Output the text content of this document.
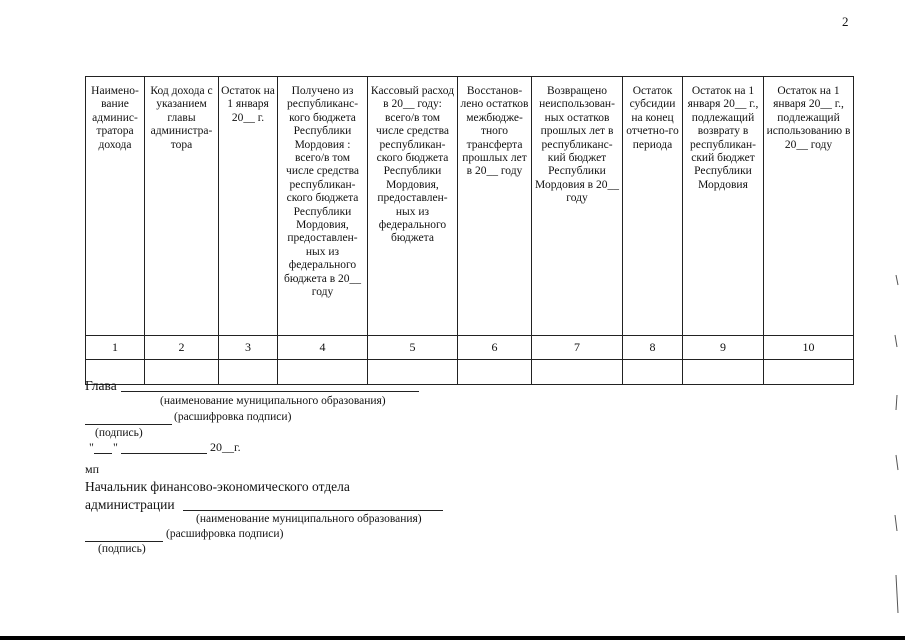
2
Наимено-вание админис-тратора дохода	Код дохода с указанием главы администра-тора	Остаток на 1 января 20__ г.	Получено из республиканс-кого бюджета Республики Мордовия : всего/в том числе средства республикан-ского бюджета Республики Мордовия, предоставлен-ных из федерального бюджета в 20__ году	Кассовый расход в 20__ году: всего/в том числе средства республикан-ского бюджета Республики Мордовия, предоставлен-ных из федерального бюджета	Восстанов-лено остатков межбюдже-тного трансферта прошлых лет в 20__ году	Возвращено неиспользован-ных остатков прошлых лет в республиканс-кий бюджет Республики Мордовия в 20__ году	Остаток субсидии на конец отчетно-го периода	Остаток на 1 января 20__ г., подлежащий возврату в республикан-ский бюджет Республики Мордовия	Остаток на 1 января 20__ г., подлежащий использованию в 20__ году
1	2	3	4	5	6	7	8	9	10

Глава
(наименование муниципального образования)
(расшифровка подписи)
(подпись)
" "	20__г.
мп
Начальник финансово-экономического отдела
администрации
(наименование муниципального образования)
(расшифровка подписи)
(подпись)
